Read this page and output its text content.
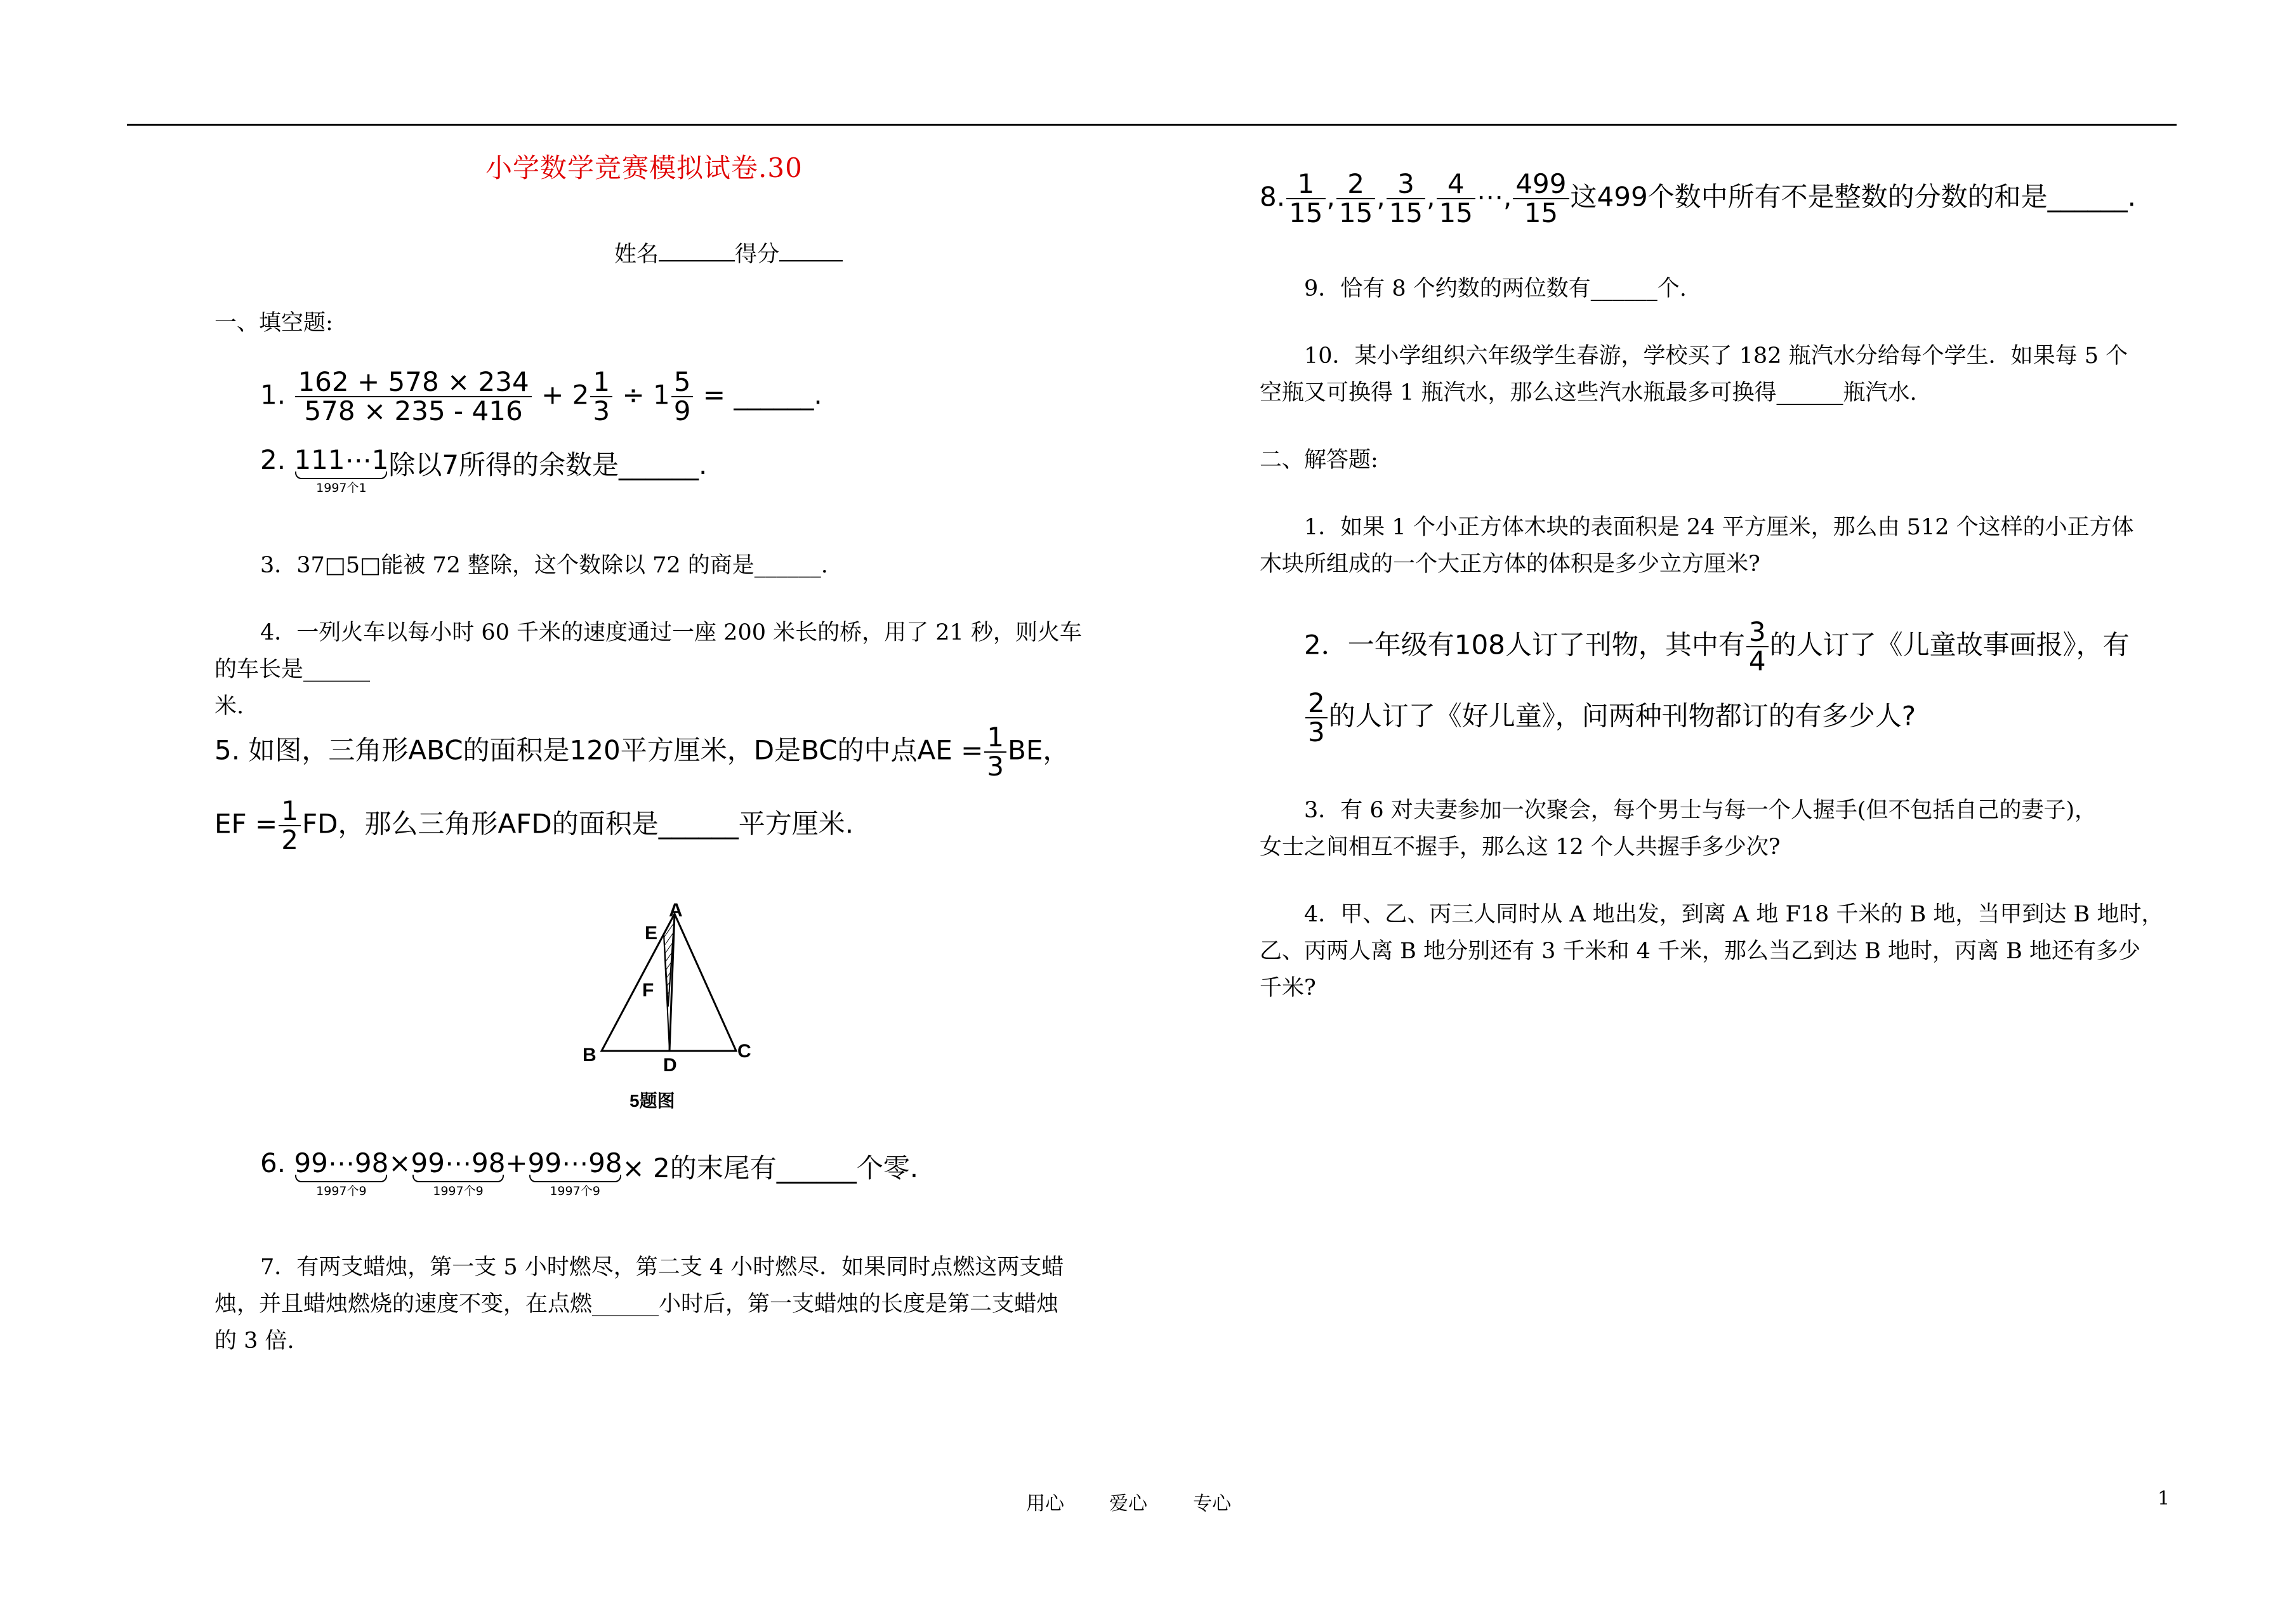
小学数学竞赛模拟试卷.30
姓名	得分
一、填空题:
1. $\frac{162 + 578 \times 234}{578 \times 235 - 416} + 2 \frac{1}{3} \div 1 \frac{5}{9}$ = ______.
2. 111⋯1
1997个1
除以7所得的余数是______.
3．37□5□能被 72 整除，这个数除以 72 的商是______.
4．一列火车以每小时 60 千米的速度通过一座 200 米长的桥，用了 21 秒，则火车
的车长是______
米.
5. 如图，三角形ABC的面积是120平方厘米，D是BC的中点AE = $\frac{1}{3}$ BE，
EF = $\frac{1}{2}$ FD，那么三角形AFD的面积是______平方厘米.
A
E
F
B	D
C
5题图
6. 99⋯98
1997个9
×99⋯98
1997个9
+99⋯98
1997个9
× 2的末尾有______个零.
7．有两支蜡烛，第一支 5 小时燃尽，第二支 4 小时燃尽．如果同时点燃这两支蜡
烛，并且蜡烛燃烧的速度不变，在点燃______小时后，第一支蜡烛的长度是第二支蜡烛
的 3 倍.
8. $\frac{1}{15}$ , $\frac{2}{15}$ , $\frac{3}{15}$ , $\frac{4}{15}$ ⋯, $\frac{499}{15}$ 这499个数中所有不是整数的分数的和是______.
9．恰有 8 个约数的两位数有______个.
10．某小学组织六年级学生春游，学校买了 182 瓶汽水分给每个学生．如果每 5 个
空瓶又可换得 1 瓶汽水，那么这些汽水瓶最多可换得______瓶汽水.
二、解答题:
1．如果 1 个小正方体木块的表面积是 24 平方厘米，那么由 512 个这样的小正方体
木块所组成的一个大正方体的体积是多少立方厘米?
2．一年级有108人订了刊物，其中有 $\frac{3}{4}$ 的人订了《儿童故事画报》，有
$\frac{2}{3}$ 的人订了《好儿童》，问两种刊物都订的有多少人?
3．有 6 对夫妻参加一次聚会，每个男士与每一个人握手(但不包括自己的妻子)，
女士之间相互不握手，那么这 12 个人共握手多少次?
4．甲、乙、丙三人同时从 A 地出发，到离 A 地 F18 千米的 B 地，当甲到达 B 地时，
乙、丙两人离 B 地分别还有 3 千米和 4 千米，那么当乙到达 B 地时，丙离 B 地还有多少
千米?
用心 爱心 专心	1
